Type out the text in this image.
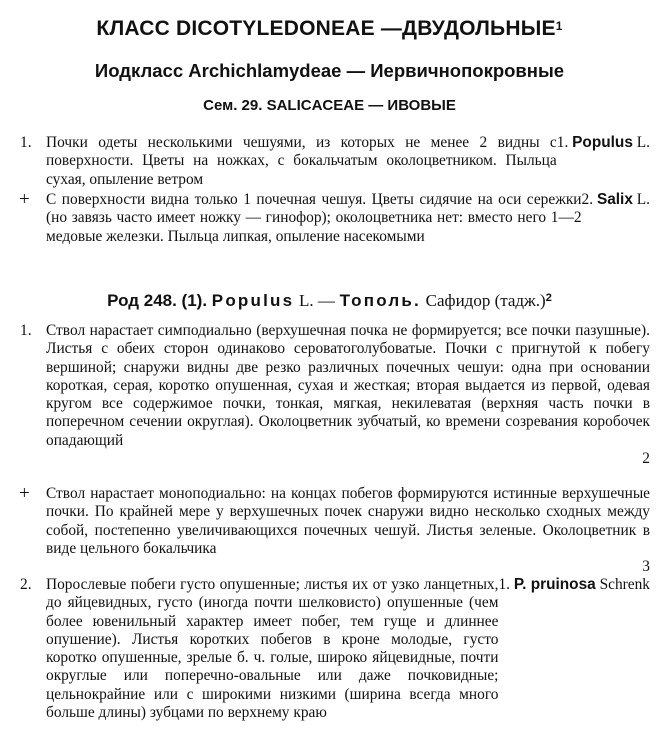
КЛАСС DICOTYLEDONEAE —ДВУДОЛЬНЫЕ$^1$
Иодкласс Archichlamydeae — Иервичнопокровные
Сем. 29. SALICACEAE — ИВОВЫЕ
1. Почки одеты несколькими чешуями, из которых не менее 2 видны с поверхности. Цветы на ножках, с бокальчатым околоцветником. Пыльца сухая, опыление ветром
1. Populus L.
+	С поверхности видна только 1 почечная чешуя. Цветы сидячие на оси сережки (но завязь часто имеет ножку — гинофор); околоцветника нет: вместо него 1—2 медовые железки. Пыльца липкая, опыление насекомыми
2. Salix L.
Род 248. (1). Populus L. — Тополь. Сафидор (тадж.)$^2$
1. Ствол нарастает симподиально (верхушечная почка не формируется; все почки пазушные). Листья с обеих сторон одинаково сероватоголубоватые. Почки с пригнутой к побегу вершиной; снаружи видны две резко различных почечных чешуи: одна при основании короткая, серая, коротко опушенная, сухая и жесткая; вторая выдается из первой, одевая кругом все содержимое почки, тонкая, мягкая, некилеватая (верхняя часть почки в поперечном сечении округлая). Околоцветник зубчатый, ко времени созревания коробочек опадающий
2
+	Ствол нарастает моноподиально: на концах побегов формируются истинные верхушечные почки. По крайней мере у верхушечных почек снаружи видно несколько сходных между собой, постепенно увеличивающихся почечных чешуй. Листья зеленые. Околоцветник в виде цельного бокальчика
3
2. Порослевые побеги густо опушенные; листья их от узко ланцетных, до яйцевидных, густо (иногда почти шелковисто) опушенные (чем более ювенильный характер имеет побег, тем гуще и длиннее опушение). Листья коротких побегов в кроне молодые, густо коротко опушенные, зрелые б. ч. голые, широко яйцевидные, почти округлые или поперечно-овальные или даже почковидные; цельнокрайние или с широкими низкими (ширина всегда много больше длины) зубцами по верхнему краю
1. P. pruinosa Schrenk
